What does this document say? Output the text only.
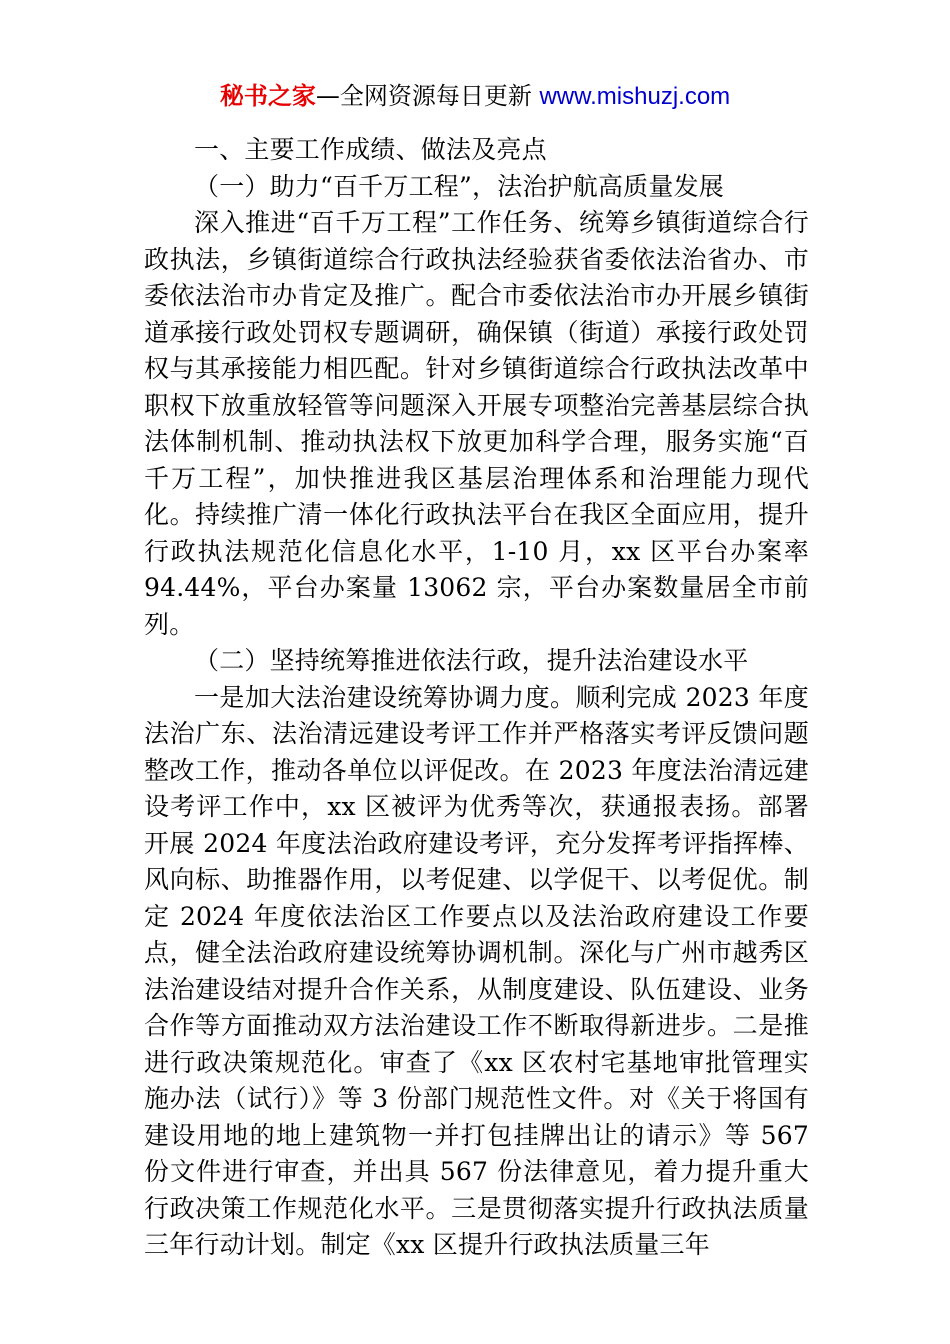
秘书之家—全网资源每日更新 www.mishuzj.com

一、主要工作成绩、做法及亮点

（一）助力“百千万工程”，法治护航高质量发展

深入推进“百千万工程”工作任务、统筹乡镇街道综合行政执法，乡镇街道综合行政执法经验获省委依法治省办、市委依法治市办肯定及推广。配合市委依法治市办开展乡镇街道承接行政处罚权专题调研，确保镇（街道）承接行政处罚权与其承接能力相匹配。针对乡镇街道综合行政执法改革中职权下放重放轻管等问题深入开展专项整治完善基层综合执法体制机制、推动执法权下放更加科学合理，服务实施“百千万工程”，加快推进我区基层治理体系和治理能力现代化。持续推广清一体化行政执法平台在我区全面应用，提升行政执法规范化信息化水平，1-10 月，xx 区平台办案率 94.44%，平台办案量 13062 宗，平台办案数量居全市前列。

（二）坚持统筹推进依法行政，提升法治建设水平

一是加大法治建设统筹协调力度。顺利完成 2023 年度法治广东、法治清远建设考评工作并严格落实考评反馈问题整改工作，推动各单位以评促改。在 2023 年度法治清远建设考评工作中，xx 区被评为优秀等次，获通报表扬。部署开展 2024 年度法治政府建设考评，充分发挥考评指挥棒、风向标、助推器作用，以考促建、以学促干、以考促优。制定 2024 年度依法治区工作要点以及法治政府建设工作要点，健全法治政府建设统筹协调机制。深化与广州市越秀区法治建设结对提升合作关系，从制度建设、队伍建设、业务合作等方面推动双方法治建设工作不断取得新进步。二是推进行政决策规范化。审查了《xx 区农村宅基地审批管理实施办法（试行）》等 3 份部门规范性文件。对《关于将国有建设用地的地上建筑物一并打包挂牌出让的请示》等 567 份文件进行审查，并出具 567 份法律意见，着力提升重大行政决策工作规范化水平。三是贯彻落实提升行政执法质量三年行动计划。制定《xx 区提升行政执法质量三年
